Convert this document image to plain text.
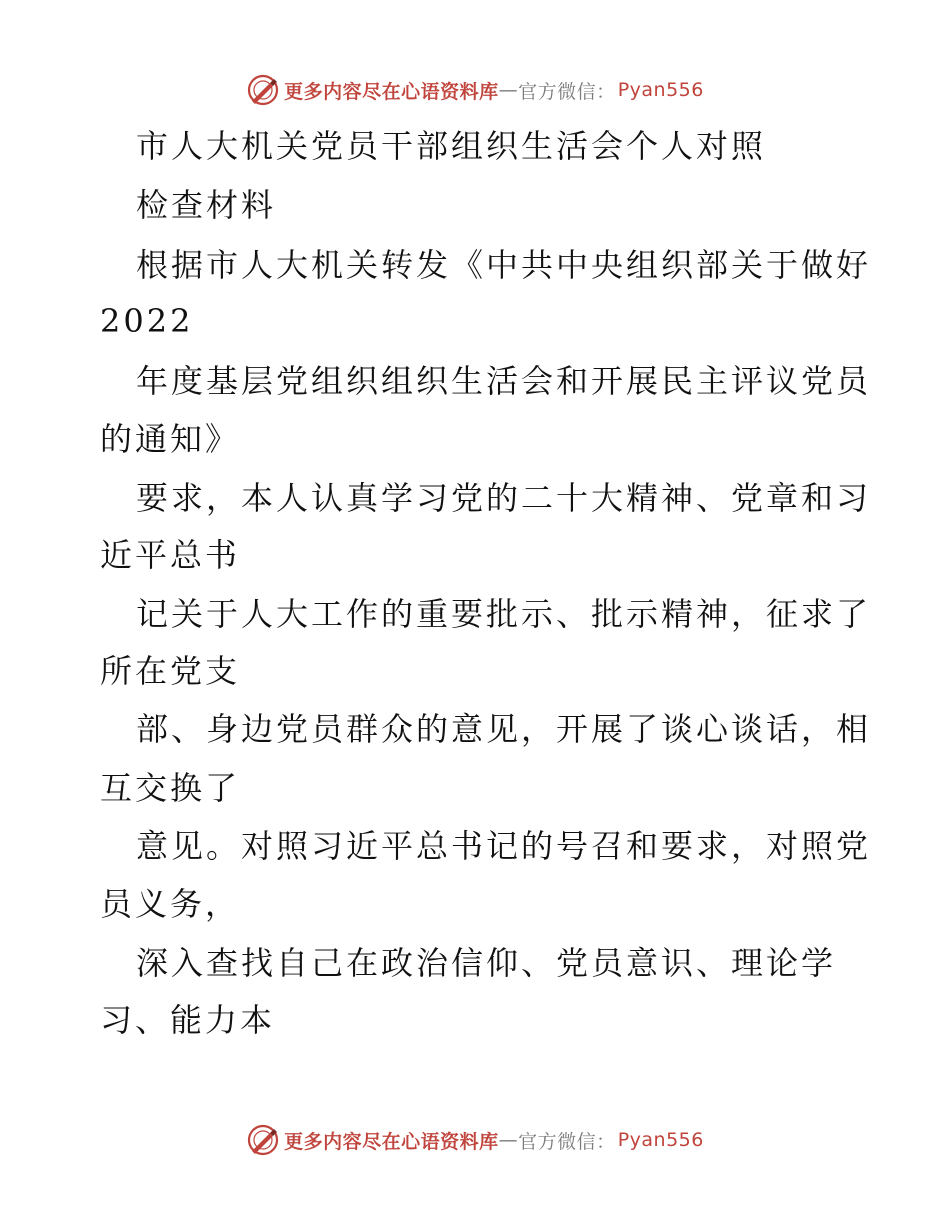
更多内容尽在心语资料库 — 官方微信： Pyan556
市人大机关党员干部组织生活会个人对照
检查材料
根据市人大机关转发《中共中央组织部关于做好
2022
年度基层党组织组织生活会和开展民主评议党员
的通知》
要求，本人认真学习党的二十大精神、党章和习
近平总书
记关于人大工作的重要批示、批示精神，征求了
所在党支
部、身边党员群众的意见，开展了谈心谈话，相
互交换了
意见。对照习近平总书记的号召和要求，对照党
员义务，
深入查找自己在政治信仰、党员意识、理论学
习、能力本
更多内容尽在心语资料库 — 官方微信： Pyan556
